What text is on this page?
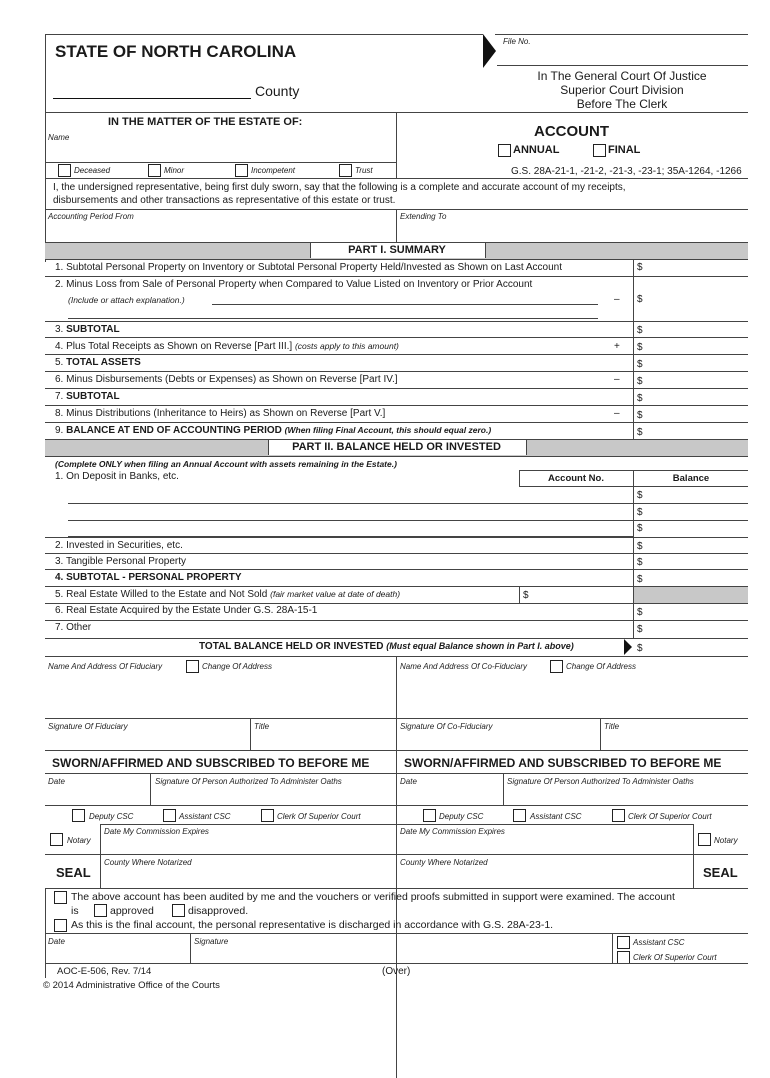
File No.
STATE OF NORTH CAROLINA
County
In The General Court Of Justice
Superior Court Division
Before The Clerk
IN THE MATTER OF THE ESTATE OF:
Name	ACCOUNT
ANNUAL	FINAL
Deceased	Minor	Incompetent	Trust	G.S. 28A-21-1, -21-2, -21-3, -23-1; 35A-1264, -1266
I, the undersigned representative, being first duly sworn, say that the following is a complete and accurate account of my receipts,
disbursements and other transactions as representative of this estate or trust.
Accounting Period From	Extending To
PART I. SUMMARY
1. Subtotal Personal Property on Inventory or Subtotal Personal Property Held/Invested as Shown on Last Account	$
2. Minus Loss from Sale of Personal Property when Compared to Value Listed on Inventory or Prior Account
(Include or attach explanation.)	– $
3. SUBTOTAL	$
4. Plus Total Receipts as Shown on Reverse [Part III.] (costs apply to this amount)	+ $
5. TOTAL ASSETS	$
6. Minus Disbursements (Debts or Expenses) as Shown on Reverse [Part IV.]	– $
7. SUBTOTAL	$
8. Minus Distributions (Inheritance to Heirs) as Shown on Reverse [Part V.]	– $
9. BALANCE AT END OF ACCOUNTING PERIOD (When filing Final Account, this should equal zero.)	$
PART II. BALANCE HELD OR INVESTED
(Complete ONLY when filing an Annual Account with assets remaining in the Estate.)
1. On Deposit in Banks, etc.	Account No.	Balance
$
$
$
2. Invested in Securities, etc.	$
3. Tangible Personal Property	$
4. SUBTOTAL - PERSONAL PROPERTY	$
5. Real Estate Willed to the Estate and Not Sold (fair market value at date of death)	$
6. Real Estate Acquired by the Estate Under G.S. 28A-15-1	$
7. Other	$
TOTAL BALANCE HELD OR INVESTED (Must equal Balance shown in Part I. above)	$
Name And Address Of Fiduciary	Change Of Address	Name And Address Of Co-Fiduciary	Change Of Address
Signature Of Fiduciary	Title	Signature Of Co-Fiduciary	Title
SWORN/AFFIRMED AND SUBSCRIBED TO BEFORE ME	SWORN/AFFIRMED AND SUBSCRIBED TO BEFORE ME
Date	Signature Of Person Authorized To Administer Oaths	Date	Signature Of Person Authorized To Administer Oaths
Deputy CSC	Assistant CSC	Clerk Of Superior Court	Deputy CSC	Assistant CSC	Clerk Of Superior Court
Notary	Notary
Date My Commission Expires	Date My Commission Expires
County Where Notarized	County Where Notarized
SEAL	SEAL
The above account has been audited by me and the vouchers or verified proofs submitted in support were examined. The account
is	approved	disapproved.
As this is the final account, the personal representative is discharged in accordance with G.S. 28A-23-1.
Date	Signature	Assistant CSC
Clerk Of Superior Court
AOC-E-506, Rev. 7/14
© 2014 Administrative Office of the Courts
(Over)
